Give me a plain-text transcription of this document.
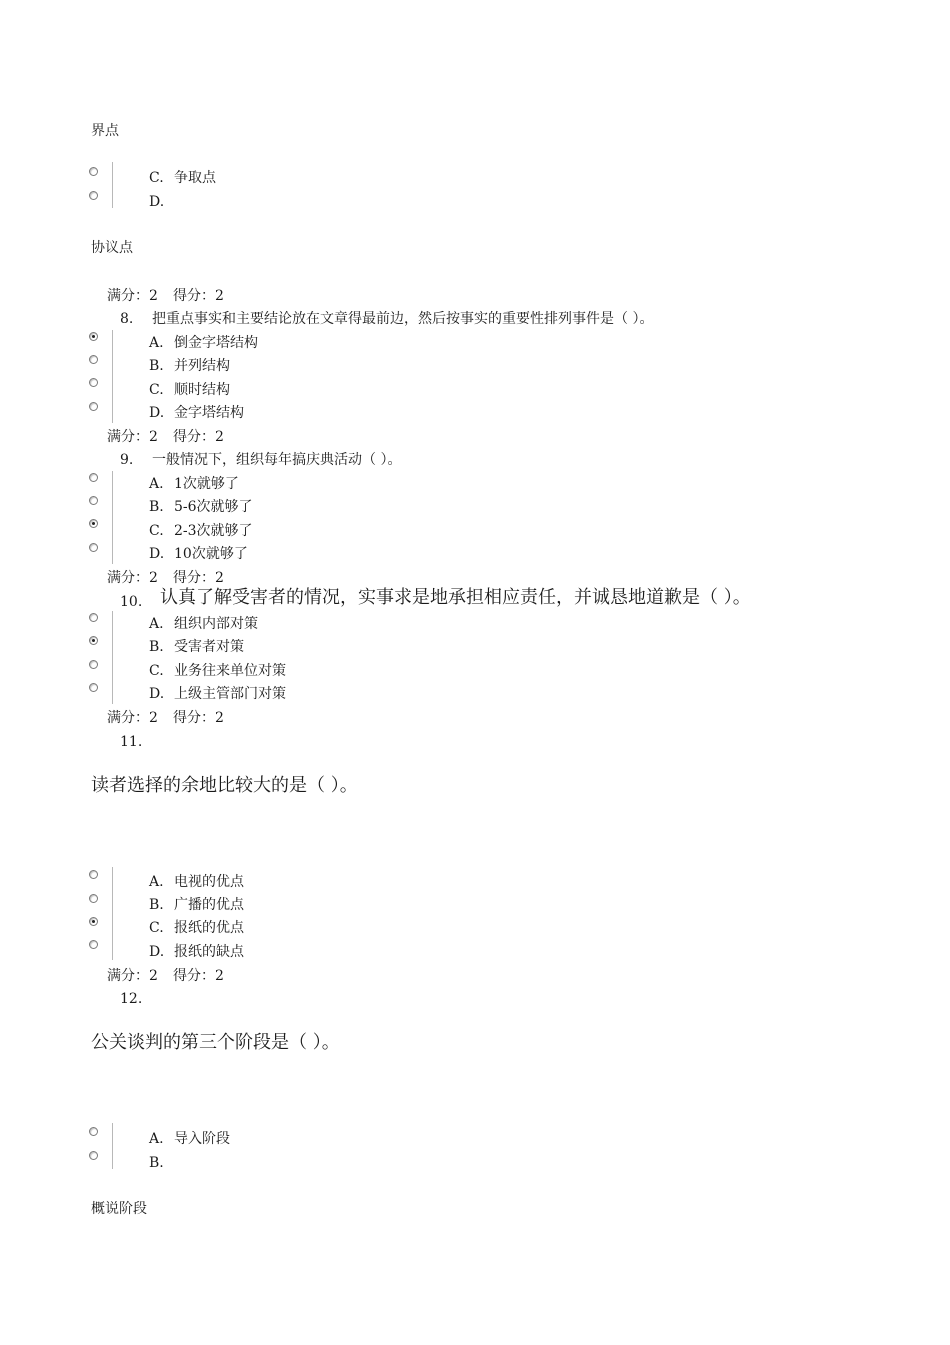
界点
C. 争取点
D.
协议点
满分：2 得分：2
8. 把重点事实和主要结论放在文章得最前边，然后按事实的重要性排列事件是（ ）。
A. 倒金字塔结构
B. 并列结构
C. 顺时结构
D. 金字塔结构
满分：2 得分：2
9. 一般情况下，组织每年搞庆典活动（ ）。
A. 1次就够了
B. 5-6次就够了
C. 2-3次就够了
D. 10次就够了
满分：2 得分：2
10. 认真了解受害者的情况，实事求是地承担相应责任，并诚恳地道歉是（ ）。
A. 组织内部对策
B. 受害者对策
C. 业务往来单位对策
D. 上级主管部门对策
满分：2 得分：2
11.
读者选择的余地比较大的是（ ）。
A. 电视的优点
B. 广播的优点
C. 报纸的优点
D. 报纸的缺点
满分：2 得分：2
12.
公关谈判的第三个阶段是（ ）。
A. 导入阶段
B.
概说阶段
